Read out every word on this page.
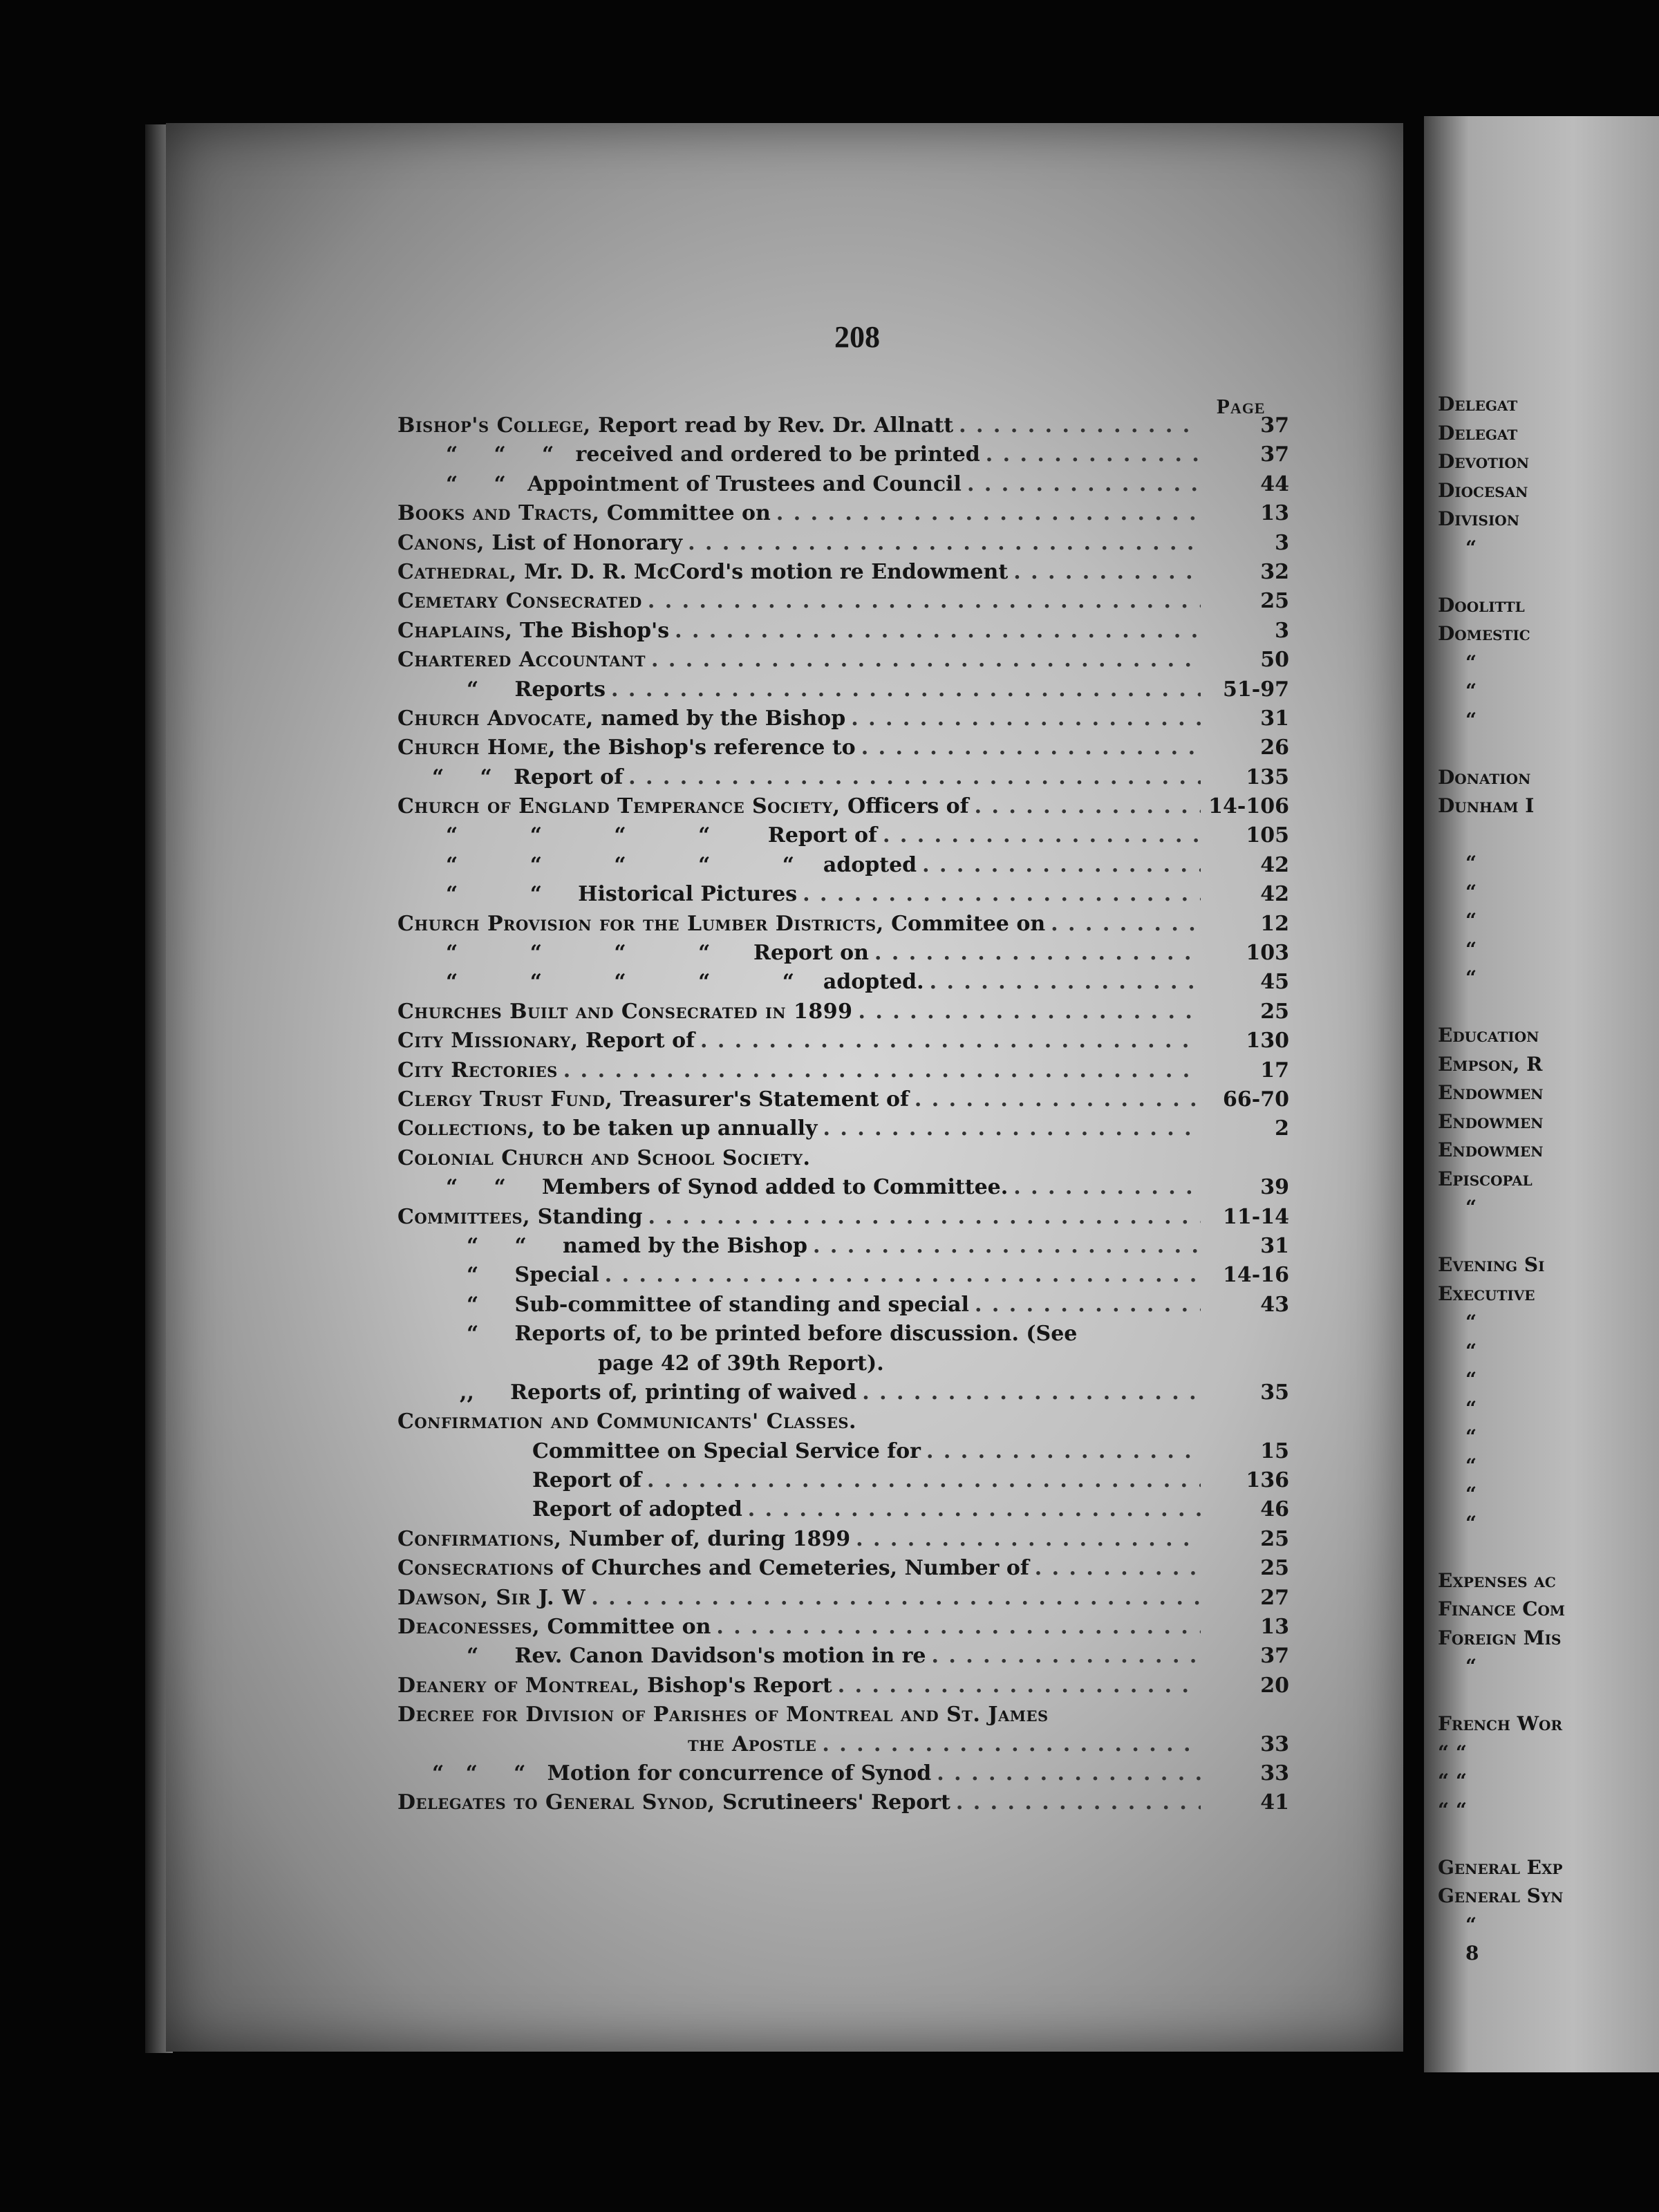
208
Page
Bishop's College, Report read by Rev. Dr. Allnatt . . .	37
“     “     “   received and ordered to be printed . . .	37
“     “   Appointment of Trustees and Council . . .	44
Books and Tracts, Committee on . . .	13
Canons, List of Honorary . . .	3
Cathedral, Mr. D. R. McCord's motion re Endowment . . .	32
Cemetary Consecrated . . .	25
Chaplains, The Bishop's . . .	3
Chartered Accountant . . .	50
“     Reports . . .	51-97
Church Advocate, named by the Bishop . . .	31
Church Home, the Bishop's reference to . . .	26
“     “   Report of . . .	135
Church of England Temperance Society, Officers of . . .	14-106
“          “          “          “        Report of . . .	105
“          “          “          “          “    adopted . . .	42
“          “     Historical Pictures . . .	42
Church Provision for the Lumber Districts, Commitee on . . .	12
“          “          “          “      Report on . . .	103
“          “          “          “          “    adopted. . . .	45
Churches Built and Consecrated in 1899 . . .	25
City Missionary, Report of . . .	130
City Rectories . . .	17
Clergy Trust Fund, Treasurer's Statement of . . .	66-70
Collections, to be taken up annually . . .	2
Colonial Church and School Society.
“     “     Members of Synod added to Committee. . . .	39
Committees, Standing . . .	11-14
“     “     named by the Bishop . . .	31
“     Special . . .	14-16
“     Sub-committee of standing and special . . .	43
“     Reports of, to be printed before discussion. (See
page 42 of 39th Report).
,,     Reports of, printing of waived . . .	35
Confirmation and Communicants' Classes.
Committee on Special Service for . . .	15
Report of . . .	136
Report of adopted . . .	46
Confirmations, Number of, during 1899 . . .	25
Consecrations of Churches and Cemeteries, Number of . . .	25
Dawson, Sir J. W . . .	27
Deaconesses, Committee on . . .	13
“     Rev. Canon Davidson's motion in re . . .	37
Deanery of Montreal, Bishop's Report . . .	20
Decree for Division of Parishes of Montreal and St. James
the Apostle . . .	33
“   “     “   Motion for concurrence of Synod . . .	33
Delegates to General Synod, Scrutineers' Report . . .	41
Delegat
Delegat
Devotion
Diocesan
Division
“
Doolittl
Domestic
“
“
“
Donation
Dunham I
“
“
“
“
“
Education
Empson, R
Endowmen
Endowmen
Endowmen
Episcopal
“
Evening Si
Executive
“
“
“
“
“
“
“
“
Expenses ac
Finance Com
Foreign Mis
“
French Wor
“ “
“ “
“ “
General Exp
General Syn
“
8
